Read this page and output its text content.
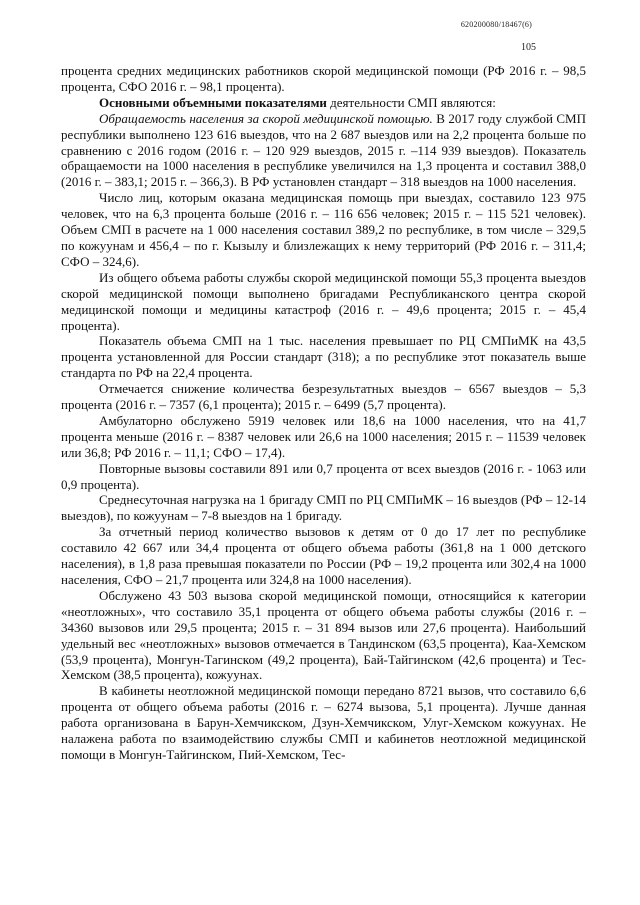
620200080/18467(6)
105

процента средних медицинских работников скорой медицинской помощи (РФ 2016 г. – 98,5 процента, СФО 2016 г. – 98,1 процента).

Основными объемными показателями деятельности СМП являются:

Обращаемость населения за скорой медицинской помощью. В 2017 году службой СМП республики выполнено 123 616 выездов, что на 2 687 выездов или на 2,2 процента больше по сравнению с 2016 годом (2016 г. – 120 929 выездов, 2015 г. –114 939 выездов). Показатель обращаемости на 1000 населения в республике увеличился на 1,3 процента и составил 388,0 (2016 г. – 383,1; 2015 г. – 366,3). В РФ установлен стандарт – 318 выездов на 1000 населения.

Число лиц, которым оказана медицинская помощь при выездах, составило 123 975 человек, что на 6,3 процента больше (2016 г. – 116 656 человек; 2015 г. – 115 521 человек). Объем СМП в расчете на 1 000 населения составил 389,2 по республике, в том числе – 329,5 по кожуунам и 456,4 – по г. Кызылу и близлежащих к нему территорий (РФ 2016 г. – 311,4; СФО – 324,6).

Из общего объема работы службы скорой медицинской помощи 55,3 процента выездов скорой медицинской помощи выполнено бригадами Республиканского центра скорой медицинской помощи и медицины катастроф (2016 г. – 49,6 процента; 2015 г. – 45,4 процента).

Показатель объема СМП на 1 тыс. населения превышает по РЦ СМПиМК на 43,5 процента установленной для России стандарт (318); а по республике этот показатель выше стандарта по РФ на 22,4 процента.

Отмечается снижение количества безрезультатных выездов – 6567 выездов – 5,3 процента (2016 г. – 7357 (6,1 процента); 2015 г. – 6499 (5,7 процента).

Амбулаторно обслужено 5919 человек или 18,6 на 1000 населения, что на 41,7 процента меньше (2016 г. – 8387 человек или 26,6 на 1000 населения; 2015 г. – 11539 человек или 36,8; РФ 2016 г. – 11,1; СФО – 17,4).

Повторные вызовы составили 891 или 0,7 процента от всех выездов (2016 г. - 1063 или 0,9 процента).

Среднесуточная нагрузка на 1 бригаду СМП по РЦ СМПиМК – 16 выездов (РФ – 12-14 выездов), по кожуунам – 7-8 выездов на 1 бригаду.

За отчетный период количество вызовов к детям от 0 до 17 лет по республике составило 42 667 или 34,4 процента от общего объема работы (361,8 на 1 000 детского населения), в 1,8 раза превышая показатели по России (РФ – 19,2 процента или 302,4 на 1000 населения, СФО – 21,7 процента или 324,8 на 1000 населения).

Обслужено 43 503 вызова скорой медицинской помощи, относящийся к категории «неотложных», что составило 35,1 процента от общего объема работы службы (2016 г. – 34360 вызовов или 29,5 процента; 2015 г. – 31 894 вызов или 27,6 процента). Наибольший удельный вес «неотложных» вызовов отмечается в Тандинском (63,5 процента), Каа-Хемском (53,9 процента), Монгун-Тагинском (49,2 процента), Бай-Тайгинском (42,6 процента) и Тес-Хемском (38,5 процента), кожуунах.

В кабинеты неотложной медицинской помощи передано 8721 вызов, что составило 6,6 процента от общего объема работы (2016 г. – 6274 вызова, 5,1 процента). Лучше данная работа организована в Барун-Хемчикском, Дзун-Хемчикском, Улуг-Хемском кожуунах. Не налажена работа по взаимодействию службы СМП и кабинетов неотложной медицинской помощи в Монгун-Тайгинском, Пий-Хемском, Тес-
